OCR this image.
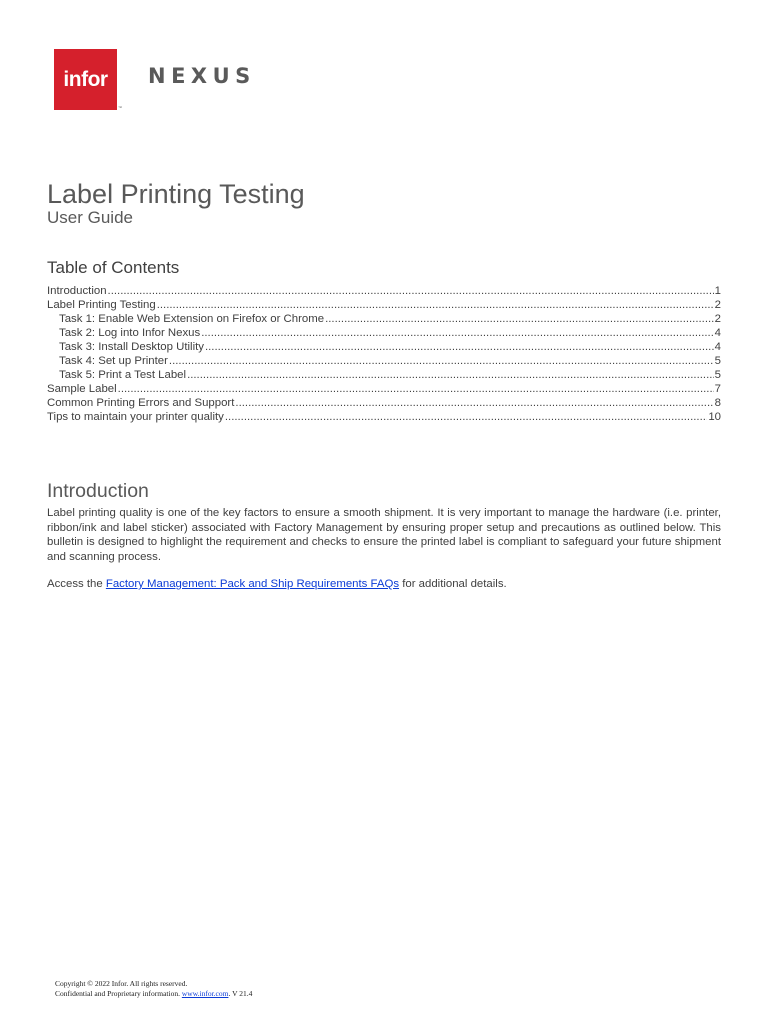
infor
™
NEXUS
Label Printing Testing
User Guide
Table of Contents
Introduction .....	1
Label Printing Testing .....	2
Task 1: Enable Web Extension on Firefox or Chrome .....	2
Task 2: Log into Infor Nexus .....	4
Task 3: Install Desktop Utility .....	4
Task 4: Set up Printer .....	5
Task 5: Print a Test Label .....	5
Sample Label .....	7
Common Printing Errors and Support .....	8
Tips to maintain your printer quality .....	10
Introduction

Label printing quality is one of the key factors to ensure a smooth shipment. It is very important to manage the hardware (i.e. printer, ribbon/ink and label sticker) associated with Factory Management by ensuring proper setup and precautions as outlined below. This bulletin is designed to highlight the requirement and checks to ensure the printed label is compliant to safeguard your future shipment and scanning process.

Access the Factory Management: Pack and Ship Requirements FAQs for additional details.

Copyright © 2022 Infor. All rights reserved.
Confidential and Proprietary information. www.infor.com. V 21.4
